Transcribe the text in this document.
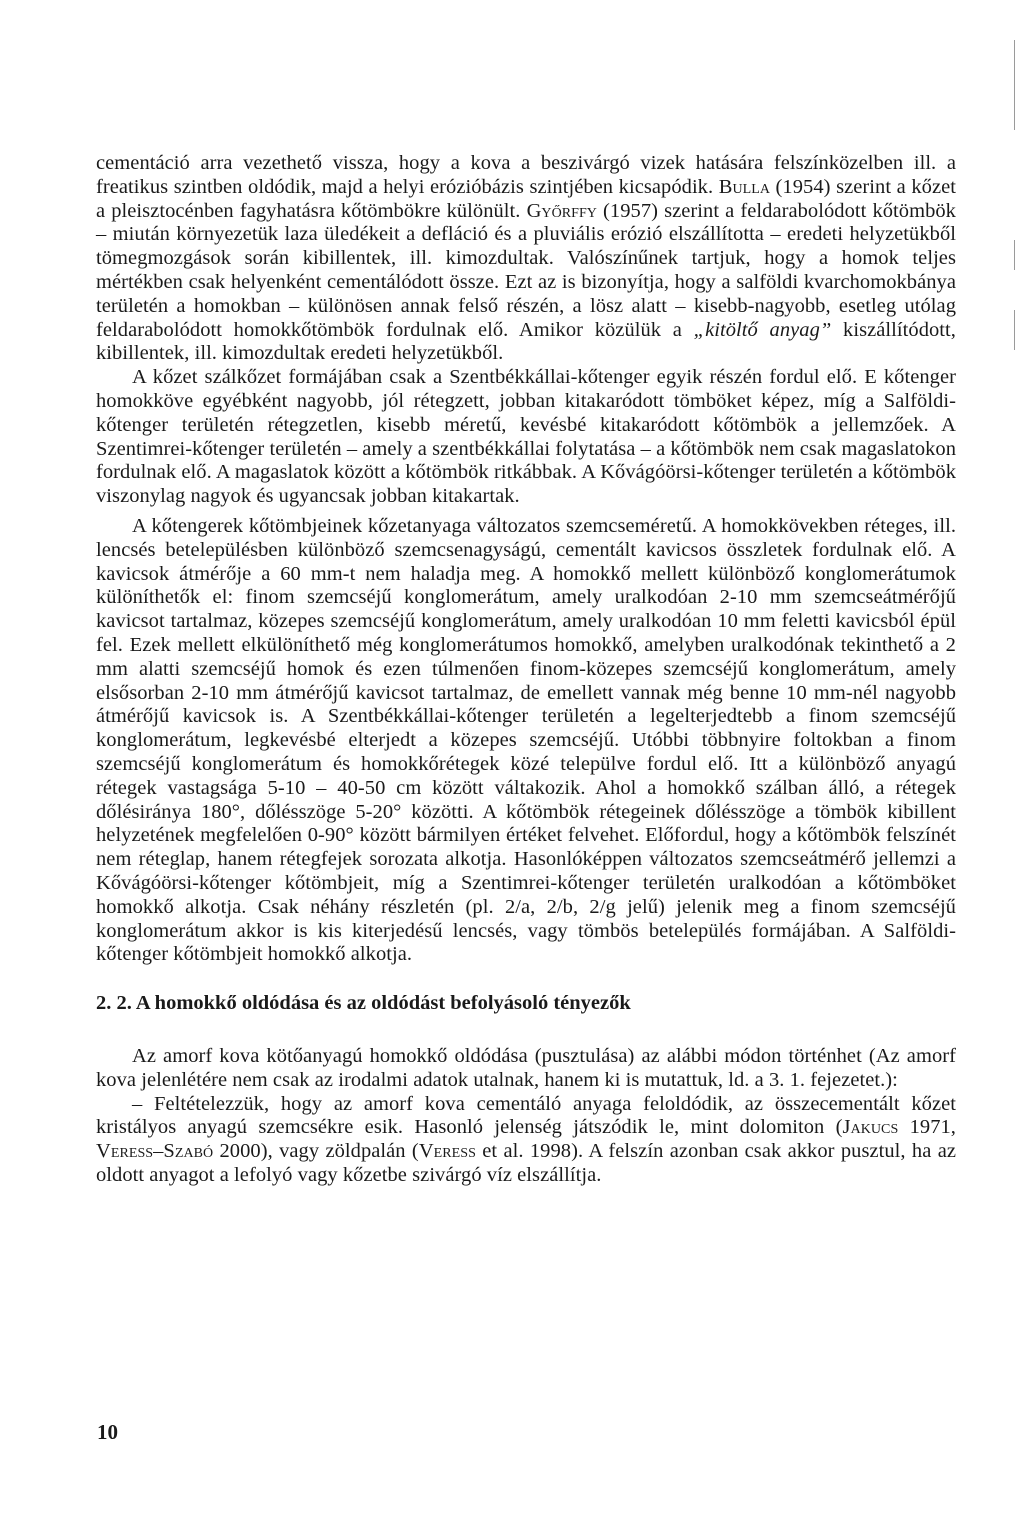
cementáció arra vezethető vissza, hogy a kova a beszivárgó vizek hatására felszínközelben ill. a freatikus szintben oldódik, majd a helyi erózióbázis szintjében kicsapódik. Bulla (1954) szerint a kőzet a pleisztocénben fagyhatásra kőtömbökre különült. Győrffy (1957) szerint a feldarabolódott kőtömbök – miután környezetük laza üledékeit a defláció és a pluviális erózió elszállította – eredeti helyzetükből tömegmozgások során kibillentek, ill. kimozdultak. Valószínűnek tartjuk, hogy a homok teljes mértékben csak helyenként cementálódott össze. Ezt az is bizonyítja, hogy a salföldi kvarchomokbánya területén a homokban – különösen annak felső részén, a lösz alatt – kisebb-nagyobb, esetleg utólag feldarabolódott homokkőtömbök fordulnak elő. Amikor közülük a „kitöltő anyag” kiszállítódott, kibillentek, ill. kimozdultak eredeti helyzetükből.

A kőzet szálkőzet formájában csak a Szentbékkállai-kőtenger egyik részén fordul elő. E kőtenger homokköve egyébként nagyobb, jól rétegzett, jobban kitakaródott tömböket képez, míg a Salföldi-kőtenger területén rétegzetlen, kisebb méretű, kevésbé kitakaródott kőtömbök a jellemzőek. A Szentimrei-kőtenger területén – amely a szentbékkállai folytatása – a kőtömbök nem csak magaslatokon fordulnak elő. A magaslatok között a kőtömbök ritkábbak. A Kővágóörsi-kőtenger területén a kőtömbök viszonylag nagyok és ugyancsak jobban kitakartak.

A kőtengerek kőtömbjeinek kőzetanyaga változatos szemcseméretű. A homokkövekben réteges, ill. lencsés betelepülésben különböző szemcsenagyságú, cementált kavicsos összletek fordulnak elő. A kavicsok átmérője a 60 mm-t nem haladja meg. A homokkő mellett különböző konglomerátumok különíthetők el: finom szemcséjű konglomerátum, amely uralkodóan 2-10 mm szemcseátmérőjű kavicsot tartalmaz, közepes szemcséjű konglomerátum, amely uralkodóan 10 mm feletti kavicsból épül fel. Ezek mellett elkülöníthető még konglomerátumos homokkő, amelyben uralkodónak tekinthető a 2 mm alatti szemcséjű homok és ezen túlmenően finom-közepes szemcséjű konglomerátum, amely elsősorban 2-10 mm átmérőjű kavicsot tartalmaz, de emellett vannak még benne 10 mm-nél nagyobb átmérőjű kavicsok is. A Szentbékkállai-kőtenger területén a legelterjedtebb a finom szemcséjű konglomerátum, legkevésbé elterjedt a közepes szemcséjű. Utóbbi többnyire foltokban a finom szemcséjű konglomerátum és homokkőrétegek közé települve fordul elő. Itt a különböző anyagú rétegek vastagsága 5-10 – 40-50 cm között váltakozik. Ahol a homokkő szálban álló, a rétegek dőlésiránya 180°, dőlésszöge 5-20° közötti. A kőtömbök rétegeinek dőlésszöge a tömbök kibillent helyzetének megfelelően 0-90° között bármilyen értéket felvehet. Előfordul, hogy a kőtömbök felszínét nem réteglap, hanem rétegfejek sorozata alkotja. Hasonlóképpen változatos szemcseátmérő jellemzi a Kővágóörsi-kőtenger kőtömbjeit, míg a Szentimrei-kőtenger területén uralkodóan a kőtömböket homokkő alkotja. Csak néhány részletén (pl. 2/a, 2/b, 2/g jelű) jelenik meg a finom szemcséjű konglomerátum akkor is kis kiterjedésű lencsés, vagy tömbös betelepülés formájában. A Salföldi-kőtenger kőtömbjeit homokkő alkotja.

2. 2. A homokkő oldódása és az oldódást befolyásoló tényezők

Az amorf kova kötőanyagú homokkő oldódása (pusztulása) az alábbi módon történhet (Az amorf kova jelenlétére nem csak az irodalmi adatok utalnak, hanem ki is mutattuk, ld. a 3. 1. fejezetet.):

– Feltételezzük, hogy az amorf kova cementáló anyaga feloldódik, az összecementált kőzet kristályos anyagú szemcsékre esik. Hasonló jelenség játszódik le, mint dolomiton (Jakucs 1971, Veress–Szabó 2000), vagy zöldpalán (Veress et al. 1998). A felszín azonban csak akkor pusztul, ha az oldott anyagot a lefolyó vagy kőzetbe szivárgó víz elszállítja.

10
